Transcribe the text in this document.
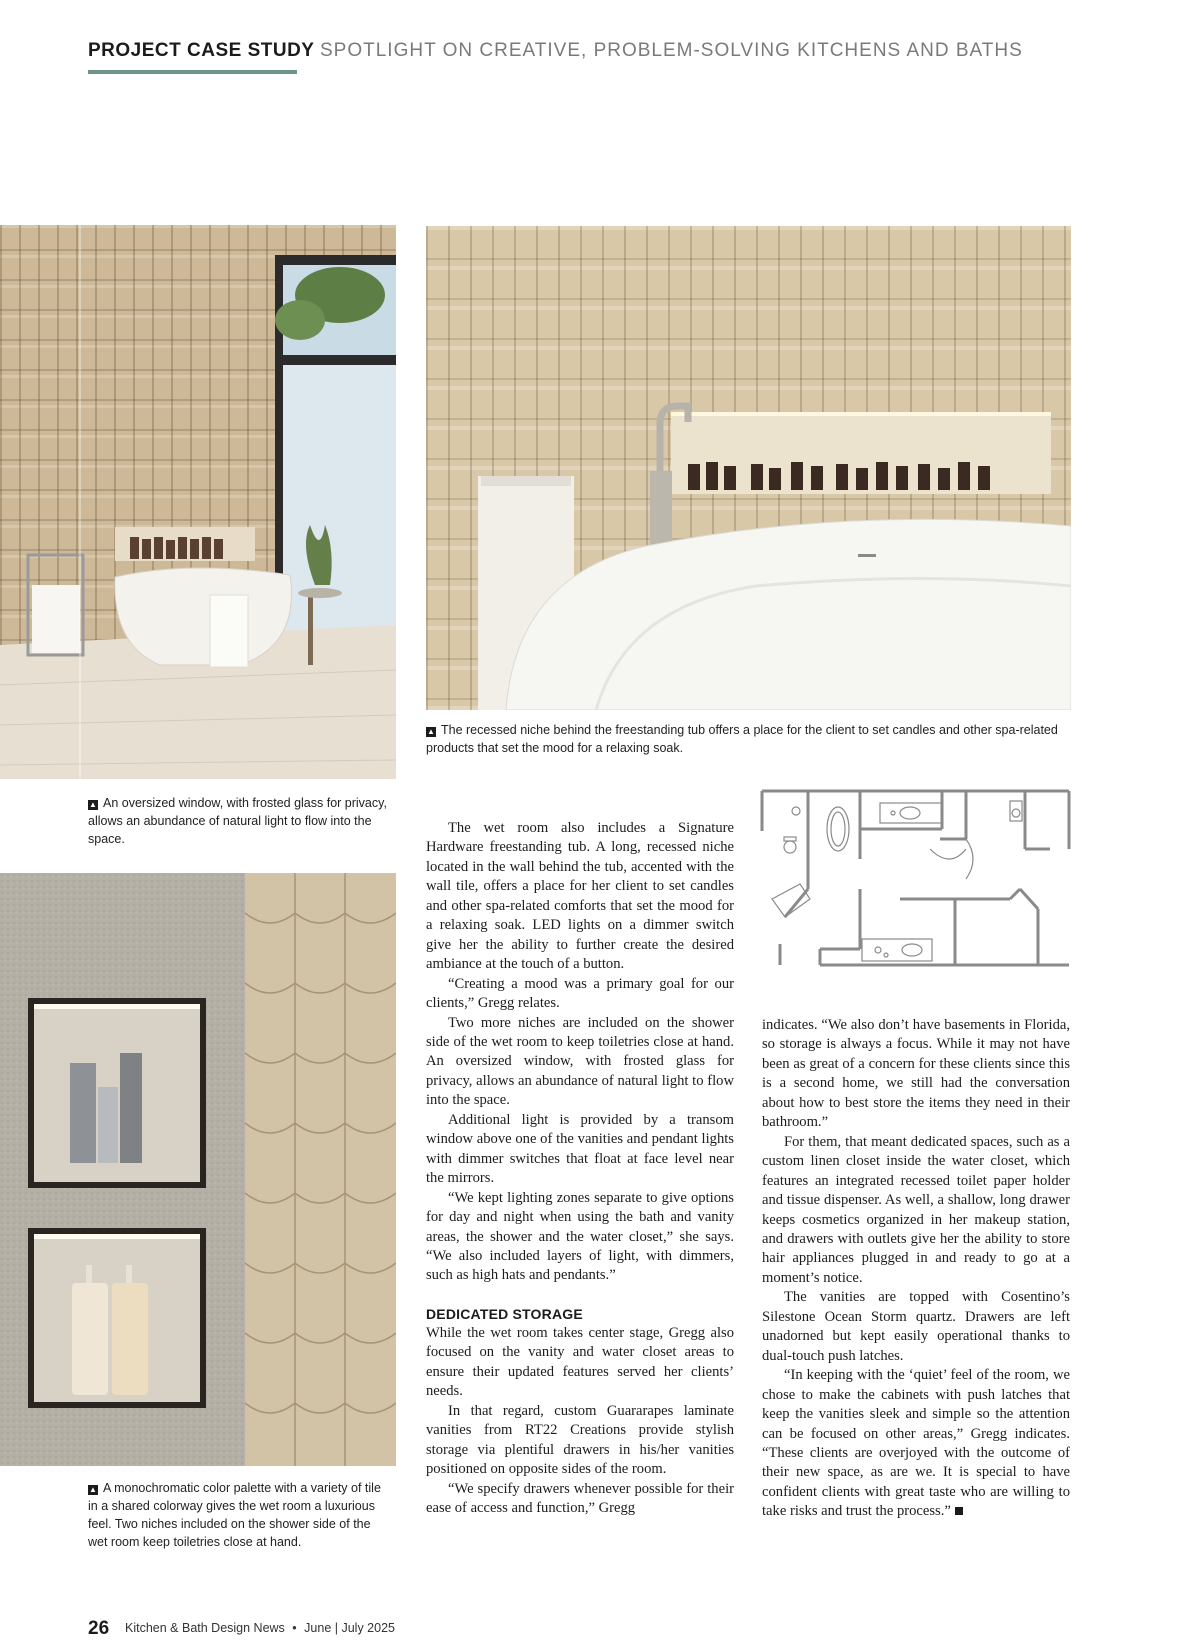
PROJECT CASE STUDY SPOTLIGHT ON CREATIVE, PROBLEM-SOLVING KITCHENS AND BATHS
▲ The recessed niche behind the freestanding tub offers a place for the client to set candles and other spa-related products that set the mood for a relaxing soak.
▲ An oversized window, with frosted glass for privacy, allows an abundance of natural light to flow into the space.
▲ A monochromatic color palette with a variety of tile in a shared colorway gives the wet room a luxurious feel. Two niches included on the shower side of the wet room keep toiletries close at hand.

The wet room also includes a Signature Hardware freestanding tub. A long, recessed niche located in the wall behind the tub, accented with the wall tile, offers a place for her client to set candles and other spa-related comforts that set the mood for a relaxing soak. LED lights on a dimmer switch give her the ability to further create the desired ambiance at the touch of a button.

“Creating a mood was a primary goal for our clients,” Gregg relates.

Two more niches are included on the shower side of the wet room to keep toiletries close at hand. An oversized window, with frosted glass for privacy, allows an abundance of natural light to flow into the space.

Additional light is provided by a transom window above one of the vanities and pendant lights with dimmer switches that float at face level near the mirrors.

“We kept lighting zones separate to give options for day and night when using the bath and vanity areas, the shower and the water closet,” she says. “We also included layers of light, with dimmers, such as high hats and pendants.”

DEDICATED STORAGE

While the wet room takes center stage, Gregg also focused on the vanity and water closet areas to ensure their updated features served her clients’ needs.

In that regard, custom Guararapes laminate vanities from RT22 Creations provide stylish storage via plentiful drawers in his/her vanities positioned on opposite sides of the room.

“We specify drawers whenever possible for their ease of access and function,” Gregg

indicates. “We also don’t have basements in Florida, so storage is always a focus. While it may not have been as great of a concern for these clients since this is a second home, we still had the conversation about how to best store the items they need in their bathroom.”

For them, that meant dedicated spaces, such as a custom linen closet inside the water closet, which features an integrated recessed toilet paper holder and tissue dispenser. As well, a shallow, long drawer keeps cosmetics organized in her makeup station, and drawers with outlets give her the ability to store hair appliances plugged in and ready to go at a moment’s notice.

The vanities are topped with Cosentino’s Silestone Ocean Storm quartz. Drawers are left unadorned but kept easily operational thanks to dual-touch push latches.

“In keeping with the ‘quiet’ feel of the room, we chose to make the cabinets with push latches that keep the vanities sleek and simple so the attention can be focused on other areas,” Gregg indicates. “These clients are overjoyed with the outcome of their new space, as are we. It is special to have confident clients with great taste who are willing to take risks and trust the process.”

26 Kitchen & Bath Design News • June | July 2025
